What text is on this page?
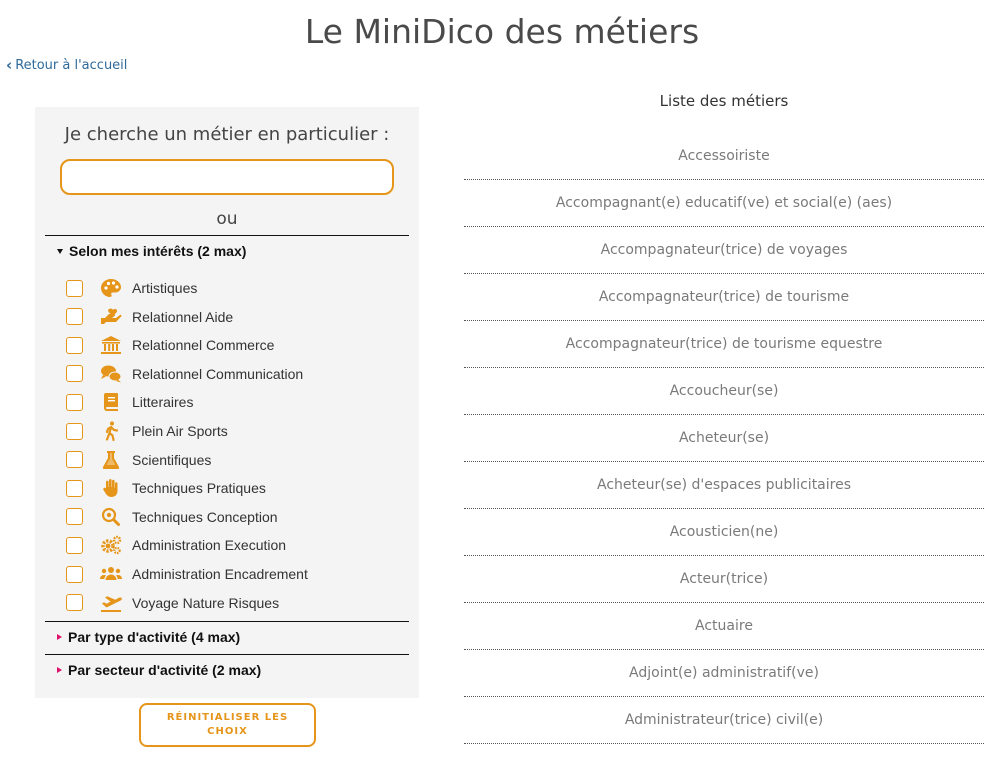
Le MiniDico des métiers
‹ Retour à l'accueil
Je cherche un métier en particulier :
ou
Selon mes intérêts (2 max)
Artistiques
Relationnel Aide
Relationnel Commerce
Relationnel Communication
Litteraires
Plein Air Sports
Scientifiques
Techniques Pratiques
Techniques Conception
Administration Execution
Administration Encadrement
Voyage Nature Risques
Par type d'activité (4 max)
Par secteur d'activité (2 max)
RÉINITIALISER LES CHOIX
Liste des métiers
Accessoiriste
Accompagnant(e) educatif(ve) et social(e) (aes)
Accompagnateur(trice) de voyages
Accompagnateur(trice) de tourisme
Accompagnateur(trice) de tourisme equestre
Accoucheur(se)
Acheteur(se)
Acheteur(se) d'espaces publicitaires
Acousticien(ne)
Acteur(trice)
Actuaire
Adjoint(e) administratif(ve)
Administrateur(trice) civil(e)
